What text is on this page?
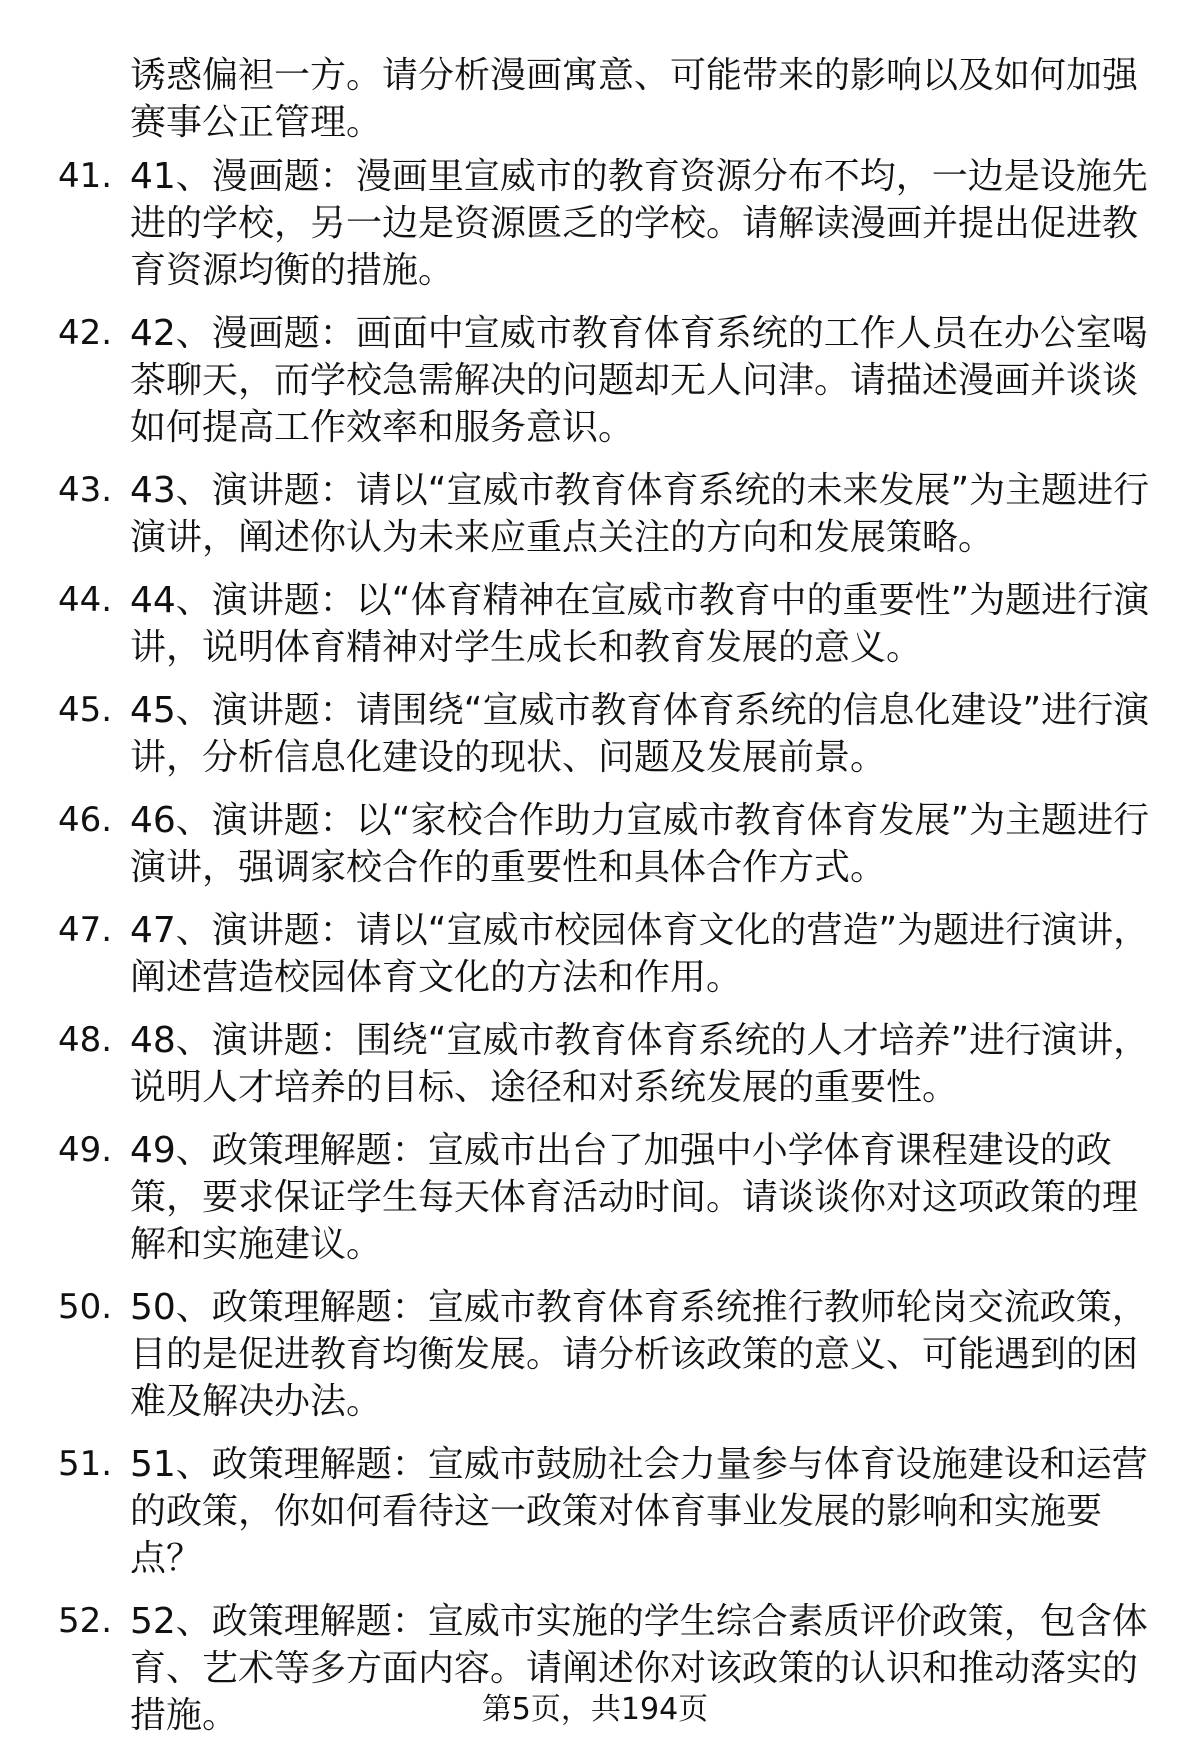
诱惑偏袒一方。请分析漫画寓意、可能带来的影响以及如何加强赛事公正管理。

41. 41、漫画题：漫画里宣威市的教育资源分布不均，一边是设施先进的学校，另一边是资源匮乏的学校。请解读漫画并提出促进教育资源均衡的措施。
42. 42、漫画题：画面中宣威市教育体育系统的工作人员在办公室喝茶聊天，而学校急需解决的问题却无人问津。请描述漫画并谈谈如何提高工作效率和服务意识。
43. 43、演讲题：请以“宣威市教育体育系统的未来发展”为主题进行演讲，阐述你认为未来应重点关注的方向和发展策略。
44. 44、演讲题：以“体育精神在宣威市教育中的重要性”为题进行演讲，说明体育精神对学生成长和教育发展的意义。
45. 45、演讲题：请围绕“宣威市教育体育系统的信息化建设”进行演讲，分析信息化建设的现状、问题及发展前景。
46. 46、演讲题：以“家校合作助力宣威市教育体育发展”为主题进行演讲，强调家校合作的重要性和具体合作方式。
47. 47、演讲题：请以“宣威市校园体育文化的营造”为题进行演讲，阐述营造校园体育文化的方法和作用。
48. 48、演讲题：围绕“宣威市教育体育系统的人才培养”进行演讲，说明人才培养的目标、途径和对系统发展的重要性。
49. 49、政策理解题：宣威市出台了加强中小学体育课程建设的政策，要求保证学生每天体育活动时间。请谈谈你对这项政策的理解和实施建议。
50. 50、政策理解题：宣威市教育体育系统推行教师轮岗交流政策，目的是促进教育均衡发展。请分析该政策的意义、可能遇到的困难及解决办法。
51. 51、政策理解题：宣威市鼓励社会力量参与体育设施建设和运营的政策，你如何看待这一政策对体育事业发展的影响和实施要点？
52. 52、政策理解题：宣威市实施的学生综合素质评价政策，包含体育、艺术等多方面内容。请阐述你对该政策的认识和推动落实的措施。	第5页，共194页
